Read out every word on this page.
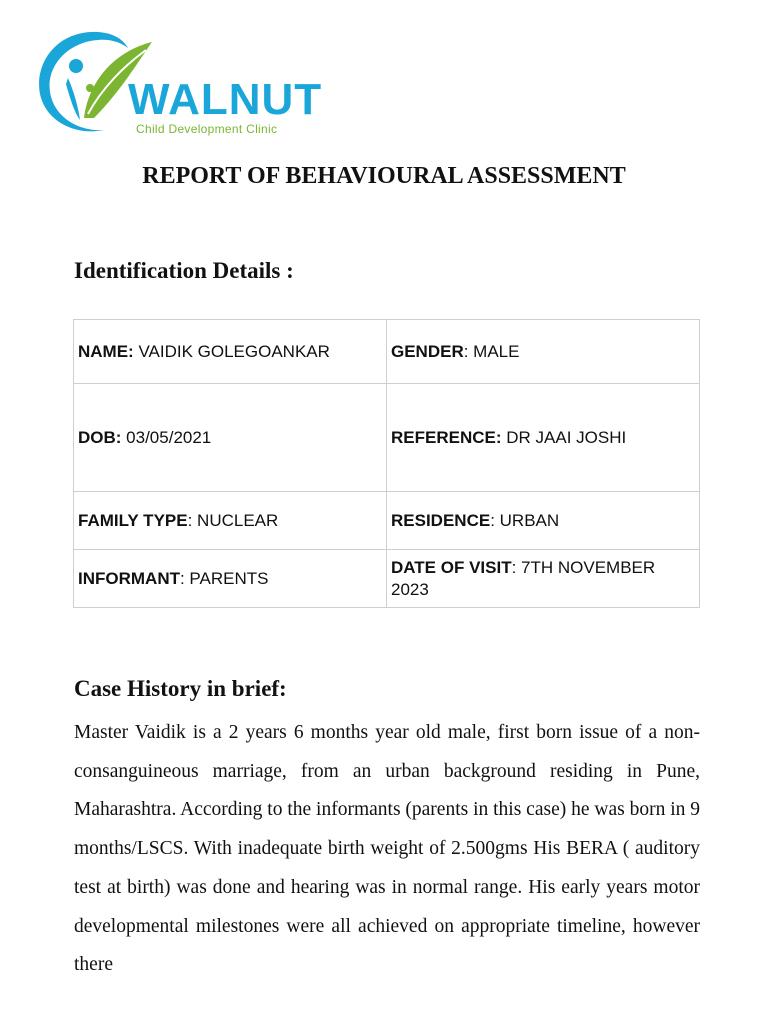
WALNUT
Child Development Clinic
REPORT OF BEHAVIOURAL ASSESSMENT
Identification Details :
NAME: VAIDIK GOLEGOANKAR	GENDER: MALE
DOB: 03/05/2021	REFERENCE: DR JAAI JOSHI
FAMILY TYPE: NUCLEAR	RESIDENCE: URBAN
INFORMANT: PARENTS	DATE OF VISIT: 7TH NOVEMBER 2023
Case History in brief:
Master Vaidik is a 2 years 6 months year old male, first born issue of a non- consanguineous marriage, from an urban background residing in Pune, Maharashtra. According to the informants (parents in this case) he was born in 9 months/LSCS. With inadequate birth weight of 2.500gms His BERA ( auditory test at birth) was done and hearing was in normal range. His early years motor developmental milestones were all achieved on appropriate timeline, however there
